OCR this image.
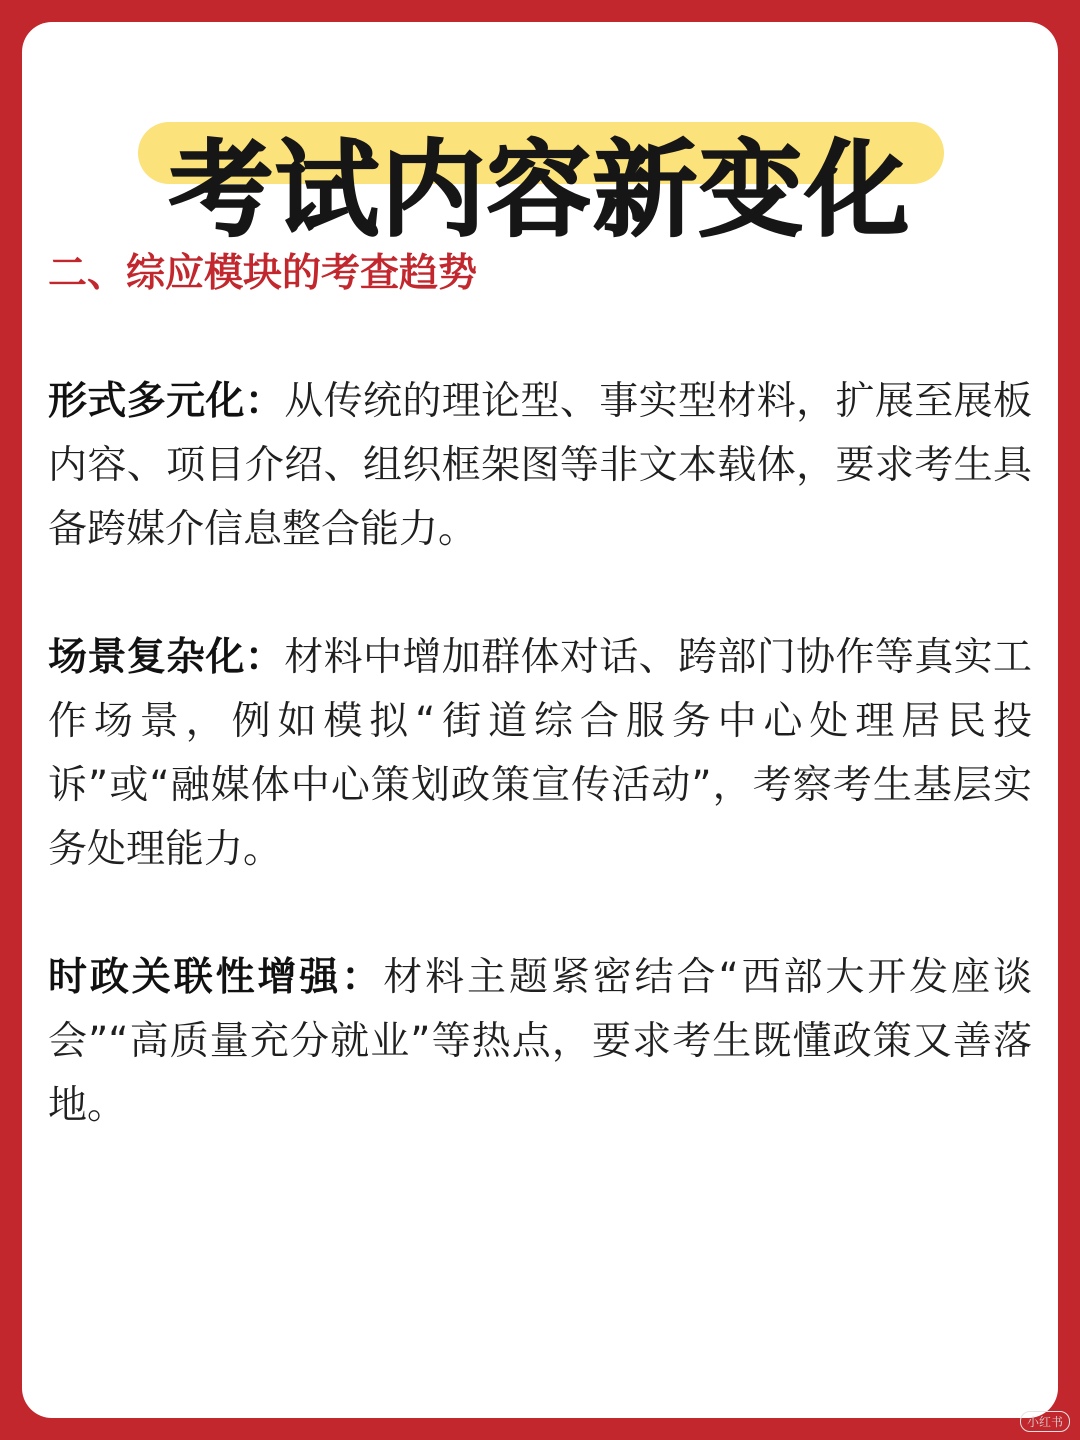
考试内容新变化
二、综应模块的考查趋势

形式多元化：从传统的理论型、事实型材料，扩展至展板内容、项目介绍、组织框架图等非文本载体，要求考生具备跨媒介信息整合能力。

场景复杂化：材料中增加群体对话、跨部门协作等真实工作场景，例如模拟“街道综合服务中心处理居民投诉”或“融媒体中心策划政策宣传活动”，考察考生基层实务处理能力。

时政关联性增强：材料主题紧密结合“西部大开发座谈会”“高质量充分就业”等热点，要求考生既懂政策又善落地。

小红书
